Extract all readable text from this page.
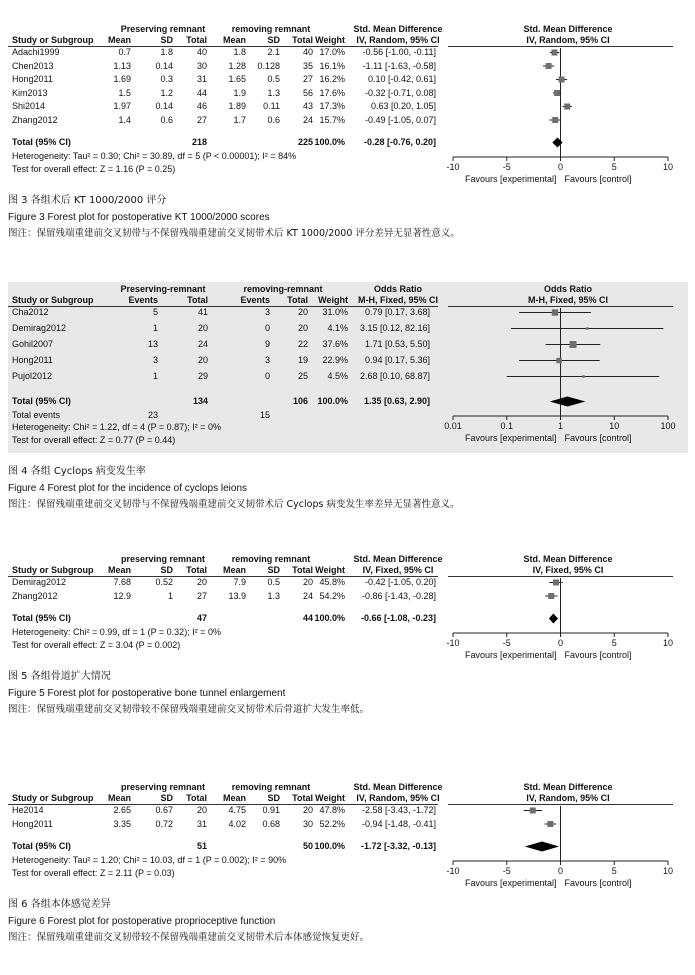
Preserving remnant	removing remnant	Std. Mean Difference
IV, Random, 95% CI
Std. Mean Difference
IV, Random, 95% CI
Study or Subgroup	Mean	SD	Total	Mean	SD	Total Weight
Adachi1999	0.7	1.8	40	1.8	2.1	40 17.0%	-0.56 [-1.00, -0.11]
Chen2013	1.13	0.14	30	1.28	0.128	35 16.1%	-1.11 [-1.63, -0.58]
Hong2011	1.69	0.3	31	1.65	0.5	27 16.2%	0.10 [-0.42, 0.61]
Kim2013	1.5	1.2	44	1.9	1.3	56 17.6%	-0.32 [-0.71, 0.08]
Shi2014	1.97	0.14	46	1.89	0.11	43 17.3%	0.63 [0.20, 1.05]
Zhang2012	1.4	0.6	27	1.7	0.6	24 15.7%	-0.49 [-1.05, 0.07]
Total (95% CI)	218	225 100.0%	-0.28 [-0.76, 0.20]
Heterogeneity: Tau² = 0.30; Chi² = 30.89, df = 5 (P < 0.00001); I² = 84%
Test for overall effect: Z = 1.16 (P = 0.25)	-10	-5	0	5	10
Favours [experimental] Favours [control]
图 3 各组术后 KT 1000/2000 评分
Figure 3 Forest plot for postoperative KT 1000/2000 scores
图注：保留残端重建前交叉韧带与不保留残端重建前交叉韧带术后 KT 1000/2000 评分差异无显著性意义。
Preserving-remnant	removing-remnant	Odds Ratio
M-H, Fixed, 95% CI
Odds Ratio
M-H, Fixed, 95% CI
Study or Subgroup	Events	Total	Events	Total	Weight
Cha2012	5	41	3	20	31.0%	0.79 [0.17, 3.68]
Demirag2012	1	20	0	20	4.1%	3.15 [0.12, 82.16]
Gohil2007	13	24	9	22	37.6%	1.71 [0.53, 5.50]
Hong2011	3	20	3	19	22.9%	0.94 [0.17, 5.36]
Pujol2012	1	29	0	25	4.5%	2.68 [0.10, 68.87]
Total (95% CI)	134	106	100.0%	1.35 [0.63, 2.90]
Total events	23	15
Heterogeneity: Chi² = 1.22, df = 4 (P = 0.87); I² = 0%
Test for overall effect: Z = 0.77 (P = 0.44)
0.01	0.1	1	10	100
Favours [experimental] Favours [control]
图 4 各组 Cyclops 病变发生率
Figure 4 Forest plot for the incidence of cyclops leions
图注：保留残端重建前交叉韧带与不保留残端重建前交叉韧带术后 Cyclops 病变发生率差异无显著性意义。
preserving remnant	removing remnant	Std. Mean Difference
IV, Fixed, 95% CI
Std. Mean Difference
IV, Fixed, 95% CI
Study or Subgroup	Mean	SD	Total	Mean	SD	Total Weight
Demirag2012	7.68	0.52	20	7.9	0.5	20 45.8%	-0.42 [-1.05, 0.20]
Zhang2012	12.9	1	27	13.9	1.3	24 54.2%	-0.86 [-1.43, -0.28]
Total (95% CI)	47	44 100.0%	-0.66 [-1.08, -0.23]
Heterogeneity: Chi² = 0.99, df = 1 (P = 0.32); I² = 0%
Test for overall effect: Z = 3.04 (P = 0.002)	-10	-5	0	5	10
Favours [experimental] Favours [control]
图 5 各组骨道扩大情况
Figure 5 Forest plot for postoperative bone tunnel enlargement
图注：保留残端重建前交叉韧带较不保留残端重建前交叉韧带术后骨道扩大发生率低。
preserving remnant	removing remnant	Std. Mean Difference
IV, Random, 95% CI
Std. Mean Difference
IV, Random, 95% CI
Study or Subgroup	Mean	SD	Total	Mean	SD	Total Weight
He2014	2.65	0.67	20	4.75	0.91	20 47.8%	-2.58 [-3.43, -1.72]
Hong2011	3.35	0.72	31	4.02	0.68	30 52.2%	-0.94 [-1.48, -0.41]
Total (95% CI)	51	50 100.0%	-1.72 [-3.32, -0.13]
Heterogeneity: Tau² = 1.20; Chi² = 10.03, df = 1 (P = 0.002); I² = 90%
Test for overall effect: Z = 2.11 (P = 0.03)	-10	-5	0	5	10
Favours [experimental] Favours [control]
图 6 各组本体感觉差异
Figure 6 Forest plot for postoperative proprioceptive function
图注：保留残端重建前交叉韧带较不保留残端重建前交叉韧带术后本体感觉恢复更好。
